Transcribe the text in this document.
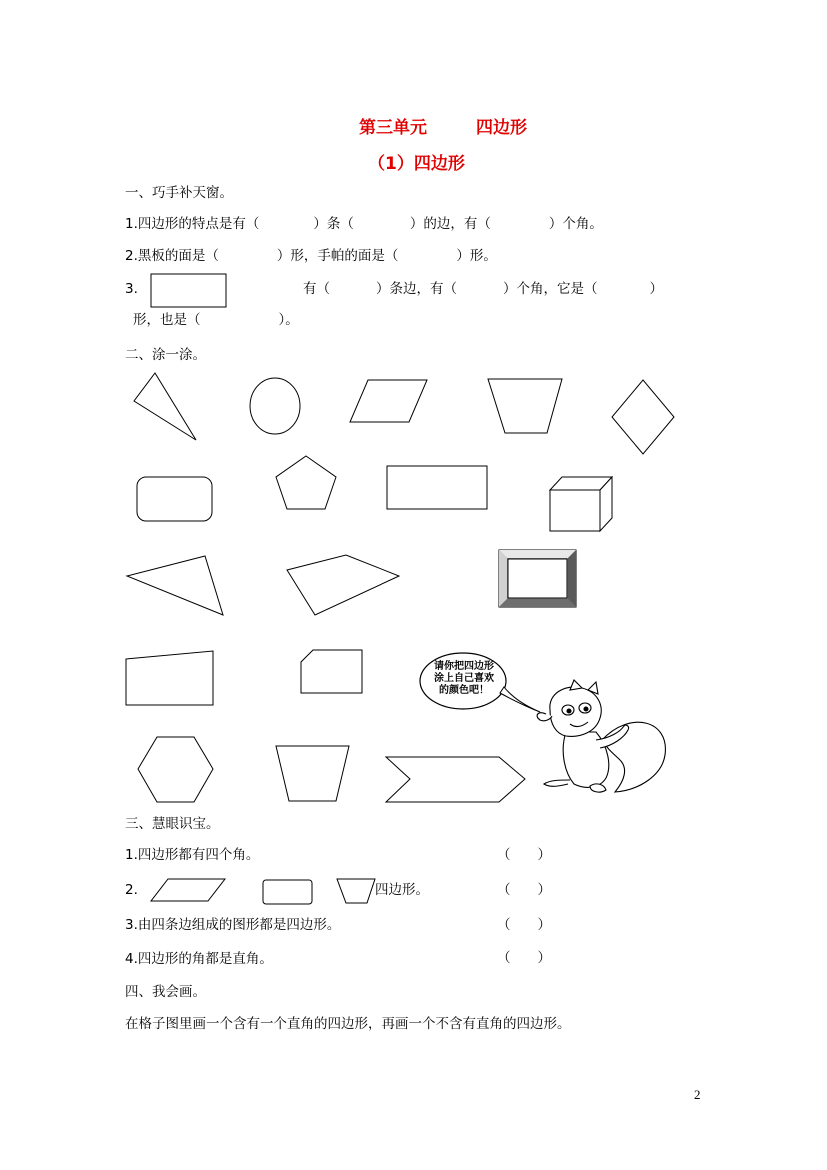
第三单元	四边形
（1）四边形
一、巧手补天窗。
1.四边形的特点是有（	）条（	）的边，有（	）个角。
2.黑板的面是（	）形，手帕的面是（	）形。
3.	有（	）条边，有（	）个角，它是（	）
形，也是（	）。
二、涂一涂。
请你把四边形
涂上自己喜欢
的颜色吧！
三、慧眼识宝。
1.四边形都有四个角。	（　　）
2.	四边形。	（　　）
3.由四条边组成的图形都是四边形。	（　　）
4.四边形的角都是直角。	（　　）
四、我会画。
在格子图里画一个含有一个直角的四边形，再画一个不含有直角的四边形。
2
